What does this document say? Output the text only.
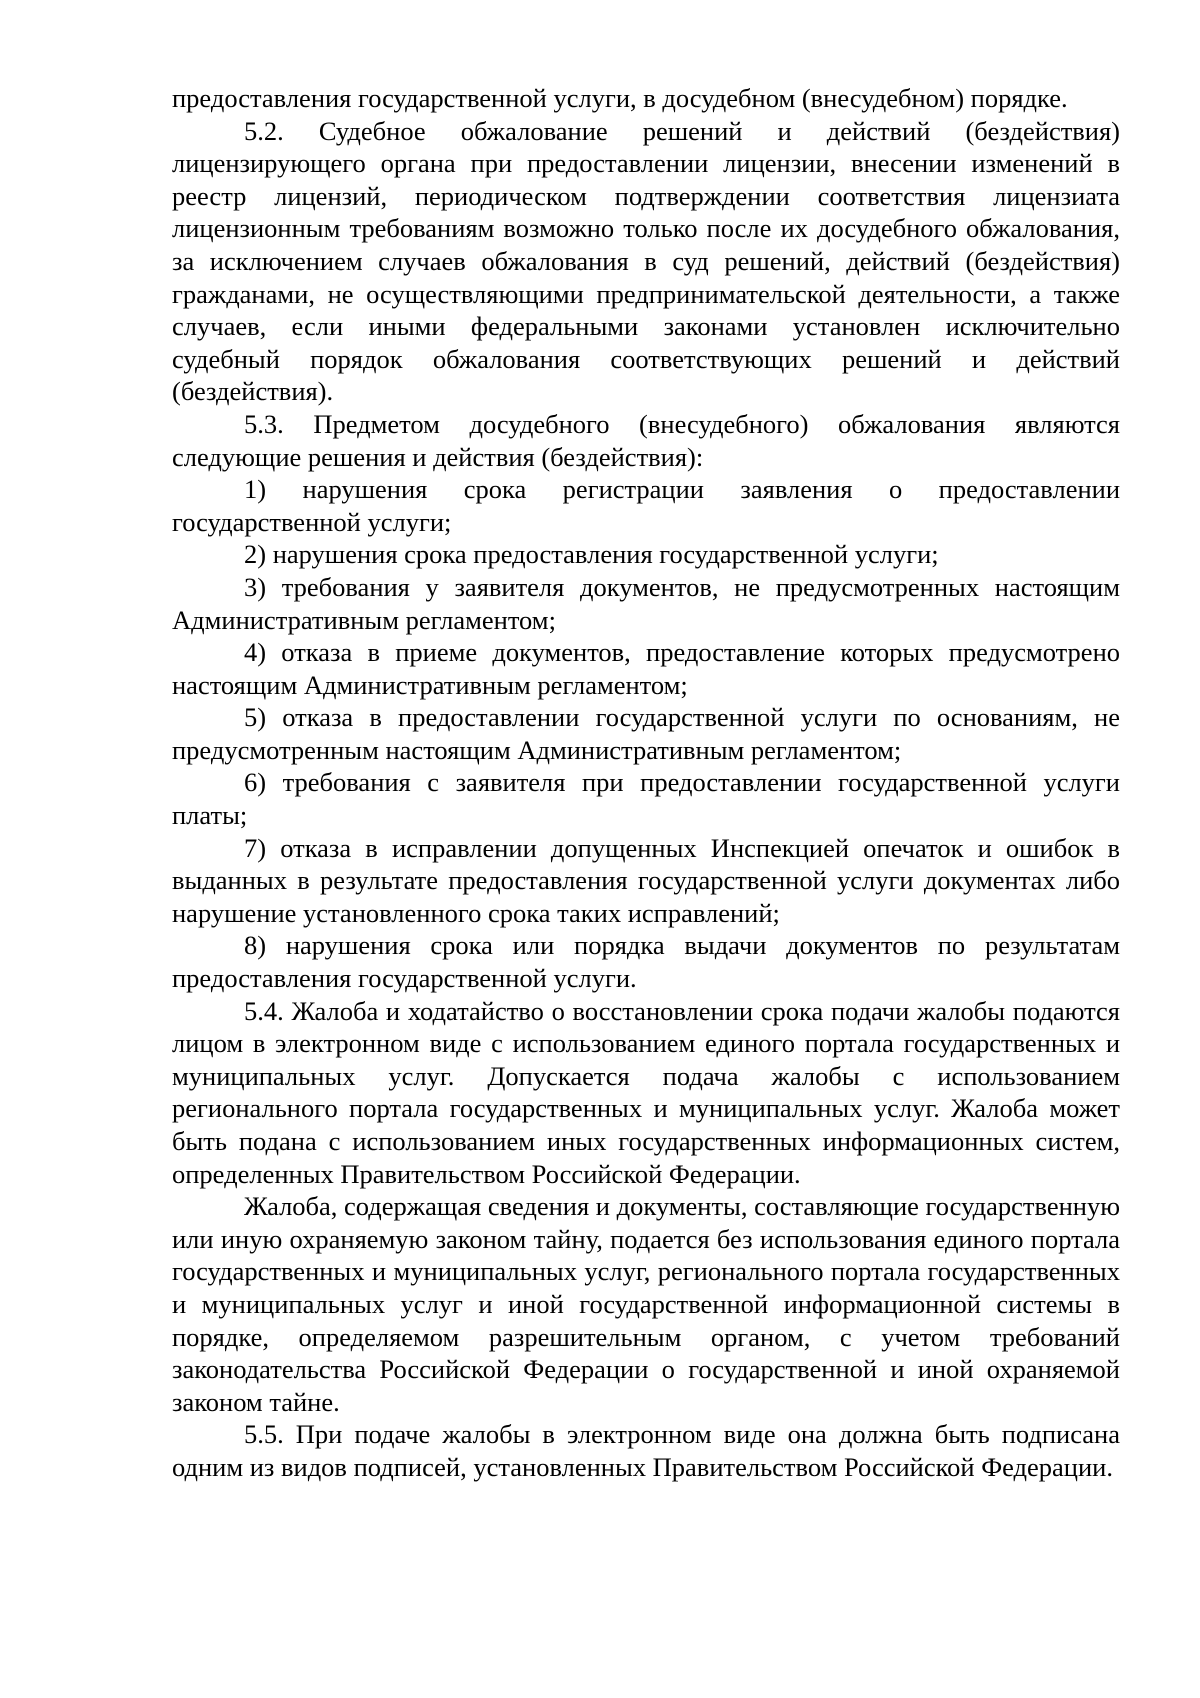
предоставления государственной услуги, в досудебном (внесудебном) порядке.

5.2. Судебное обжалование решений и действий (бездействия) лицензирующего органа при предоставлении лицензии, внесении изменений в реестр лицензий, периодическом подтверждении соответствия лицензиата лицензионным требованиям возможно только после их досудебного обжалования, за исключением случаев обжалования в суд решений, действий (бездействия) гражданами, не осуществляющими предпринимательской деятельности, а также случаев, если иными федеральными законами установлен исключительно судебный порядок обжалования соответствующих решений и действий (бездействия).

5.3. Предметом досудебного (внесудебного) обжалования являются следующие решения и действия (бездействия):

1) нарушения срока регистрации заявления о предоставлении государственной услуги;

2) нарушения срока предоставления государственной услуги;

3) требования у заявителя документов, не предусмотренных настоящим Административным регламентом;

4) отказа в приеме документов, предоставление которых предусмотрено настоящим Административным регламентом;

5) отказа в предоставлении государственной услуги по основаниям, не предусмотренным настоящим Административным регламентом;

6) требования с заявителя при предоставлении государственной услуги платы;

7) отказа в исправлении допущенных Инспекцией опечаток и ошибок в выданных в результате предоставления государственной услуги документах либо нарушение установленного срока таких исправлений;

8) нарушения срока или порядка выдачи документов по результатам предоставления государственной услуги.

5.4. Жалоба и ходатайство о восстановлении срока подачи жалобы подаются лицом в электронном виде с использованием единого портала государственных и муниципальных услуг. Допускается подача жалобы с использованием регионального портала государственных и муниципальных услуг. Жалоба может быть подана с использованием иных государственных информационных систем, определенных Правительством Российской Федерации.

Жалоба, содержащая сведения и документы, составляющие государственную или иную охраняемую законом тайну, подается без использования единого портала государственных и муниципальных услуг, регионального портала государственных и муниципальных услуг и иной государственной информационной системы в порядке, определяемом разрешительным органом, с учетом требований законодательства Российской Федерации о государственной и иной охраняемой законом тайне.

5.5. При подаче жалобы в электронном виде она должна быть подписана одним из видов подписей, установленных Правительством Российской Федерации.
